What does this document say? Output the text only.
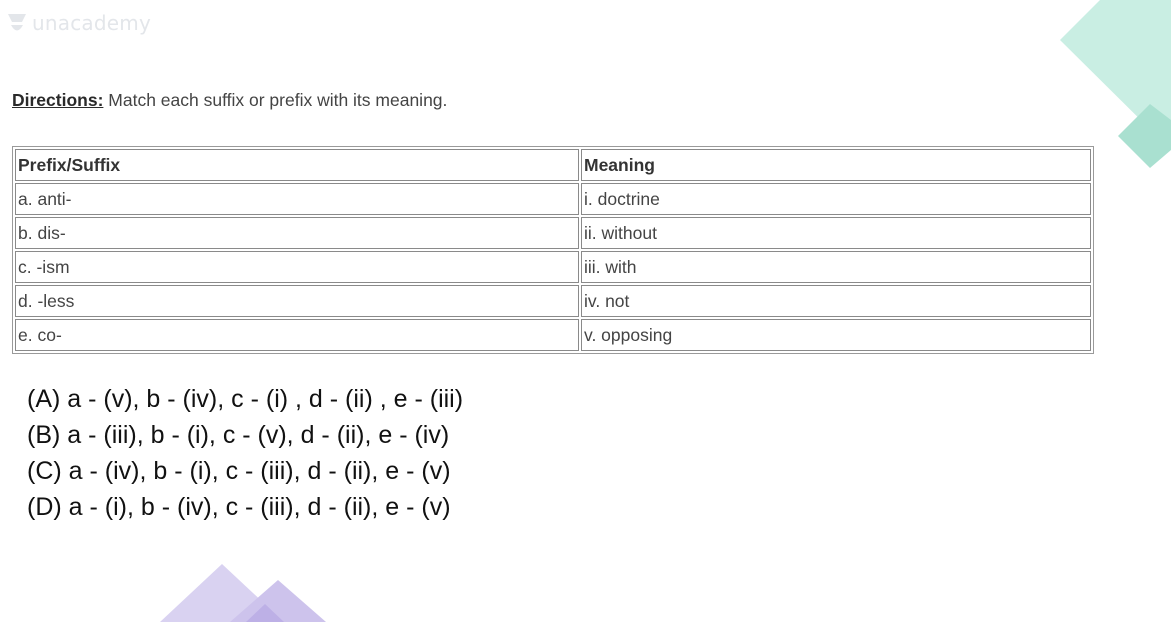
unacademy
Directions: Match each suffix or prefix with its meaning.
Prefix/Suffix	Meaning
a. anti-	i. doctrine
b. dis-	ii. without
c. -ism	iii. with
d. -less	iv. not
e. co-	v. opposing
(A) a - (v), b - (iv), c - (i) , d - (ii) , e - (iii)
(B) a - (iii), b - (i), c - (v), d - (ii), e - (iv)
(C) a - (iv), b - (i), c - (iii), d - (ii), e - (v)
(D) a - (i), b - (iv), c - (iii), d - (ii), e - (v)
